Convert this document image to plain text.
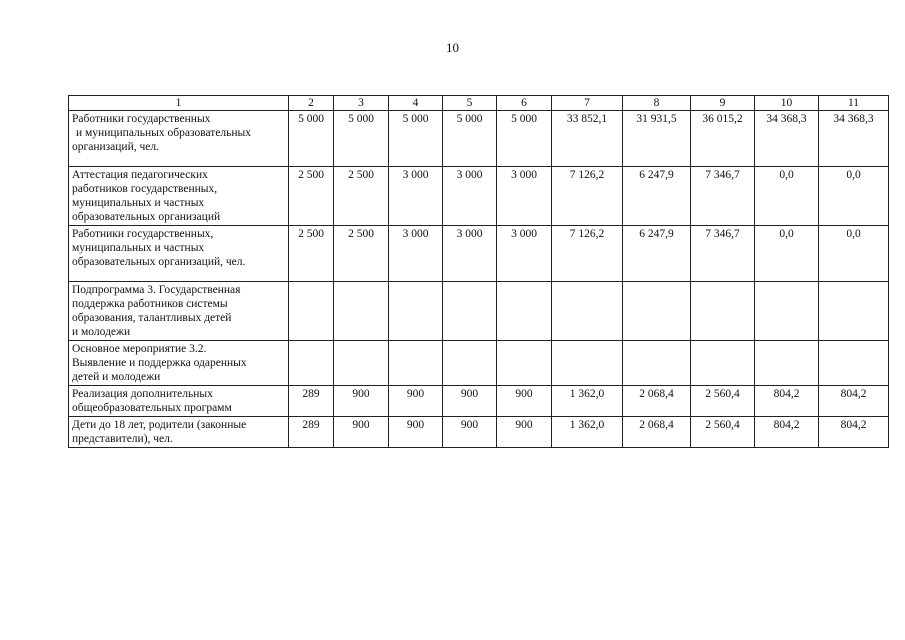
10
1	2	3	4	5	6	7	8	9	10	11

Работники государственных
и муниципальных образовательных
организаций, чел.	5 000	5 000	5 000	5 000	5 000	33 852,1	31 931,5	36 015,2	34 368,3	34 368,3

Аттестация педагогических
работников государственных,
муниципальных и частных
образовательных организаций	2 500	2 500	3 000	3 000	3 000	7 126,2	6 247,9	7 346,7	0,0	0,0

Работники государственных,
муниципальных и частных
образовательных организаций, чел.	2 500	2 500	3 000	3 000	3 000	7 126,2	6 247,9	7 346,7	0,0	0,0

Подпрограмма 3. Государственная
поддержка работников системы
образования, талантливых детей
и молодежи										

Основное мероприятие 3.2.
Выявление и поддержка одаренных
детей и молодежи										

Реализация дополнительных
общеобразовательных программ	289	900	900	900	900	1 362,0	2 068,4	2 560,4	804,2	804,2

Дети до 18 лет, родители (законные
представители), чел.	289	900	900	900	900	1 362,0	2 068,4	2 560,4	804,2	804,2
